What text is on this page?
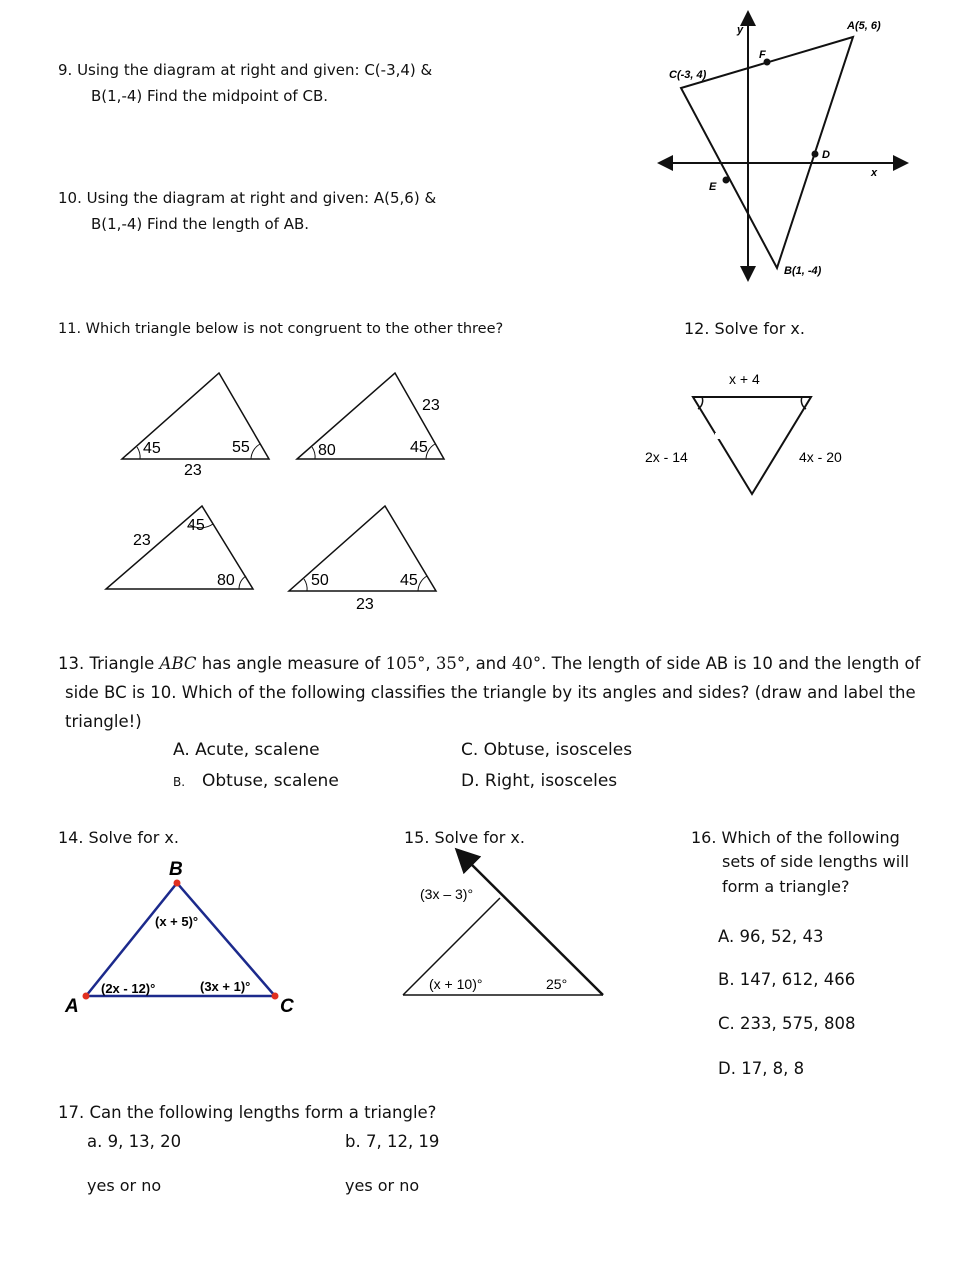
9. Using the diagram at right and given: C(-3,4) &
B(1,-4) Find the midpoint of CB.
10. Using the diagram at right and given: A(5,6) &
B(1,-4) Find the length of AB.
y
x
A(5, 6)
C(-3, 4)
F
D
E
B(1, -4)
11. Which triangle below is not congruent to the other three?
45	55
23
80	45
23
23
45
80	50	45
23
12. Solve for x.
x + 4
2x - 14	4x - 20
13. Triangle ABC has angle measure of 105°, 35°, and 40°. The length of side AB is 10 and the length of
side BC is 10. Which of the following classifies the triangle by its angles and sides? (draw and label the
triangle!)
A. Acute, scalene
B. Obtuse, scalene
C. Obtuse, isosceles
D. Right, isosceles
14. Solve for x.
B
A	C
(x + 5)°
(2x - 12)°	(3x + 1)°
15. Solve for x.
(3x – 3)°
(x + 10)°	25°
16. Which of the following
sets of side lengths will
form a triangle?
A. 96, 52, 43
B. 147, 612, 466
C. 233, 575, 808
D. 17, 8, 8
17. Can the following lengths form a triangle?
a. 9, 13, 20	b. 7, 12, 19
yes or no	yes or no
